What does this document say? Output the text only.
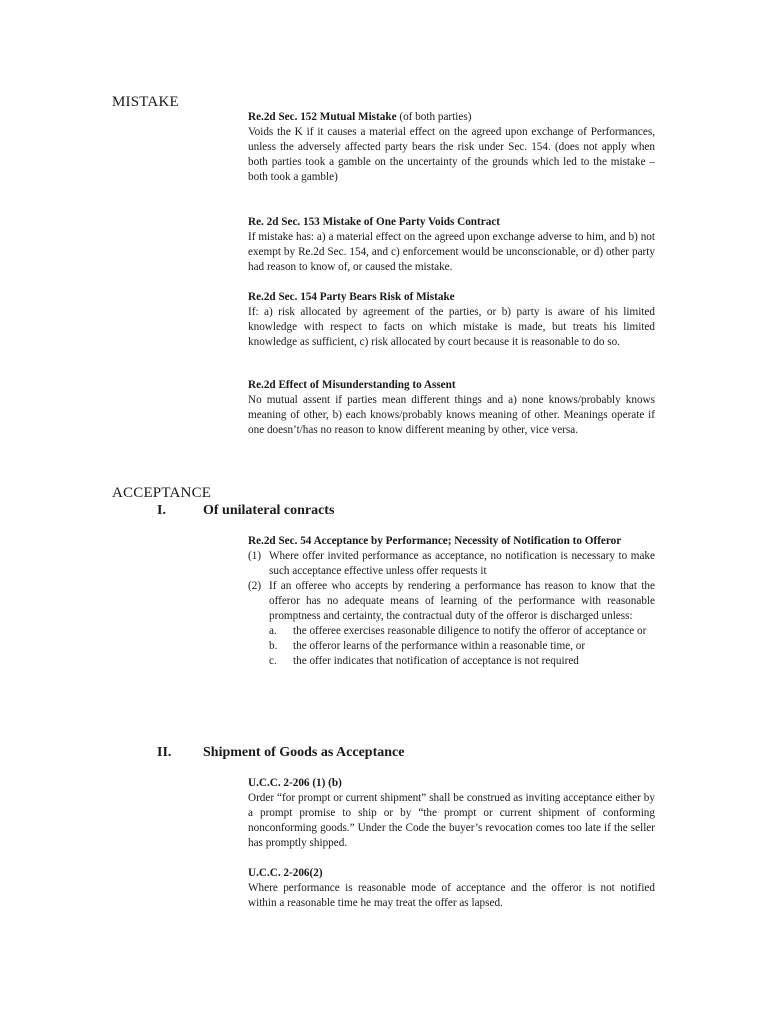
MISTAKE
Re.2d Sec. 152 Mutual Mistake (of both parties)
Voids the K if it causes a material effect on the agreed upon exchange of Performances, unless the adversely affected party bears the risk under Sec. 154. (does not apply when both parties took a gamble on the uncertainty of the grounds which led to the mistake – both took a gamble)
Re. 2d Sec. 153 Mistake of One Party Voids Contract
If mistake has: a) a material effect on the agreed upon exchange adverse to him, and b) not exempt by Re.2d Sec. 154, and c) enforcement would be unconscionable, or d) other party had reason to know of, or caused the mistake.
Re.2d Sec. 154 Party Bears Risk of Mistake
If: a) risk allocated by agreement of the parties, or b) party is aware of his limited knowledge with respect to facts on which mistake is made, but treats his limited knowledge as sufficient, c) risk allocated by court because it is reasonable to do so.
Re.2d Effect of Misunderstanding to Assent
No mutual assent if parties mean different things and a) none knows/probably knows meaning of other, b) each knows/probably knows meaning of other. Meanings operate if one doesn’t/has no reason to know different meaning by other, vice versa.
ACCEPTANCE
I.	Of unilateral conracts
Re.2d Sec. 54 Acceptance by Performance; Necessity of Notification to Offeror
(1) Where offer invited performance as acceptance, no notification is necessary to make such acceptance effective unless offer requests it
(2) If an offeree who accepts by rendering a performance has reason to know that the offeror has no adequate means of learning of the performance with reasonable promptness and certainty, the contractual duty of the offeror is discharged unless:
a. the offeree exercises reasonable diligence to notify the offeror of acceptance or
b. the offeror learns of the performance within a reasonable time, or
c. the offer indicates that notification of acceptance is not required
II. Shipment of Goods as Acceptance
U.C.C. 2-206 (1) (b)
Order “for prompt or current shipment” shall be construed as inviting acceptance either by a prompt promise to ship or by “the prompt or current shipment of conforming nonconforming goods.” Under the Code the buyer’s revocation comes too late if the seller has promptly shipped.
U.C.C. 2-206(2)
Where performance is reasonable mode of acceptance and the offeror is not notified within a reasonable time he may treat the offer as lapsed.
